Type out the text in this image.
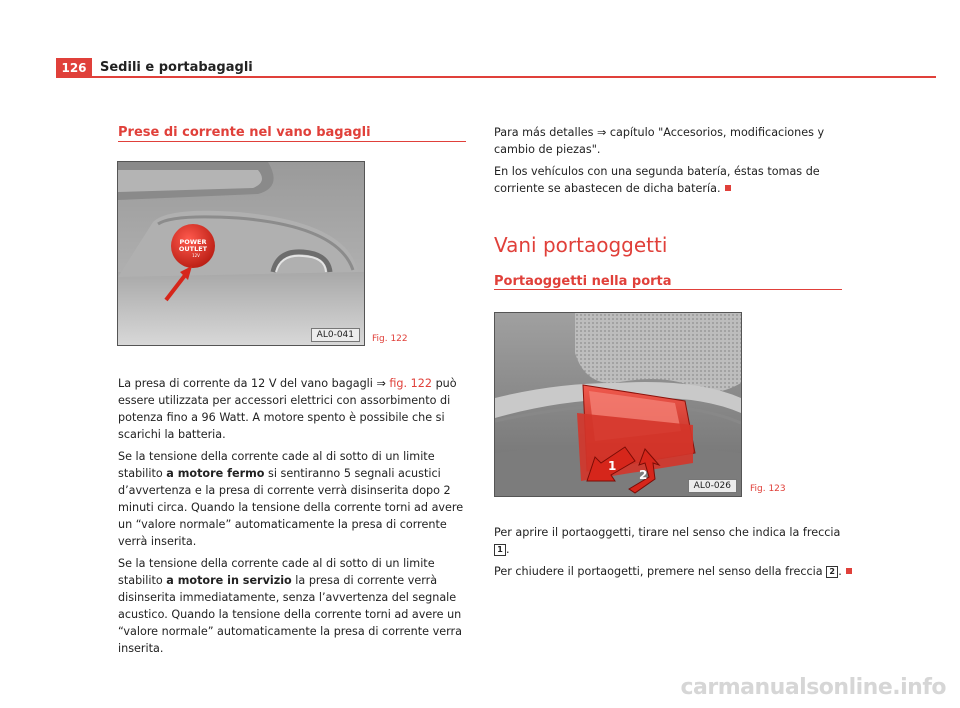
126	Sedili e portabagagli
Prese di corrente nel vano bagagli
POWER
OUTLET
12V
AL0-041	Fig. 122

La presa di corrente da 12 V del vano bagagli ⇒ fig. 122 può essere utilizzata per accessori elettrici con assorbimento di potenza fino a 96 Watt. A motore spento è possibile che si scarichi la batteria.

Se la tensione della corrente cade al di sotto di un limite stabilito a motore fermo si sentiranno 5 segnali acustici d’avvertenza e la presa di corrente verrà disinserita dopo 2 minuti circa. Quando la tensione della corrente torni ad avere un “valore normale” automaticamente la presa di corrente verrà inserita.

Se la tensione della corrente cade al di sotto di un limite stabilito a motore in servizio la presa di corrente verrà disinserita immediatamente, senza l’avvertenza del segnale acustico. Quando la tensione della corrente torni ad avere un “valore normale” automaticamente la presa di corrente verra inserita.

Para más detalles ⇒ capítulo "Accesorios, modificaciones y cambio de piezas".

En los vehículos con una segunda batería, éstas tomas de corriente se abastecen de dicha batería.

Vani portaoggetti
Portaoggetti nella porta
1
2
AL0-026	Fig. 123

Per aprire il portaoggetti, tirare nel senso che indica la freccia 1 .

Per chiudere il portaogetti, premere nel senso della freccia 2 .

carmanualsonline.info
